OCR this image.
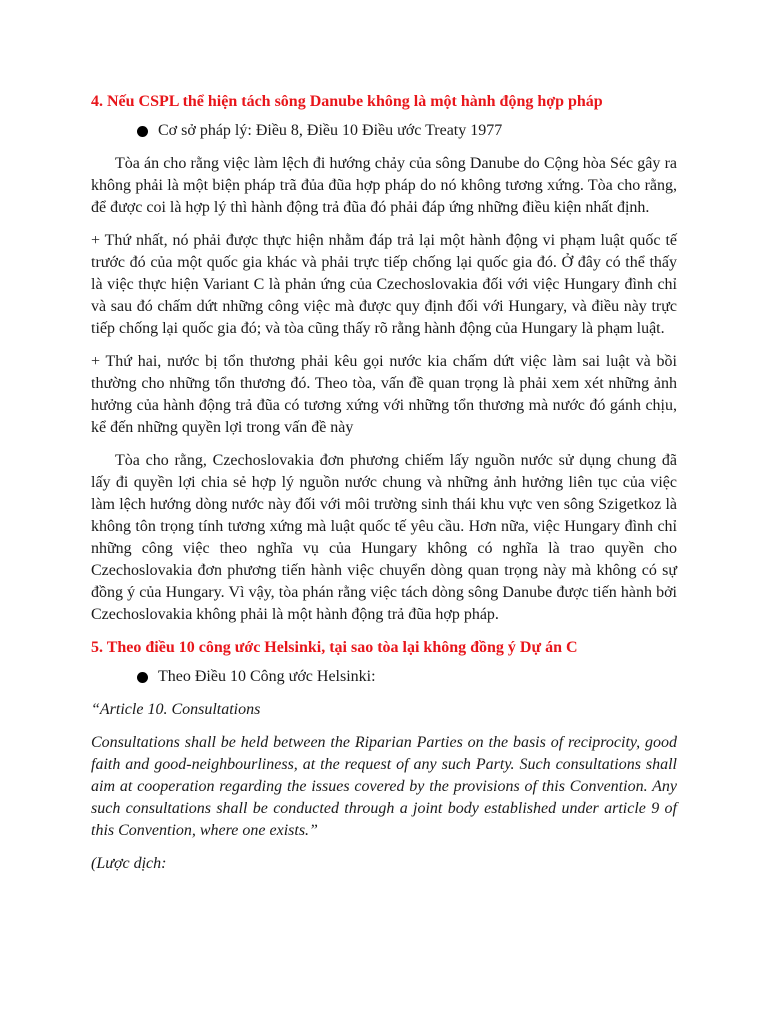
4. Nếu CSPL thể hiện tách sông Danube không là một hành động hợp pháp
Cơ sở pháp lý: Điều 8, Điều 10 Điều ước Treaty 1977

Tòa án cho rằng việc làm lệch đi hướng chảy của sông Danube do Cộng hòa Séc gây ra không phải là một biện pháp trã đủa đũa hợp pháp do nó không tương xứng. Tòa cho rằng, để được coi là hợp lý thì hành động trả đũa đó phải đáp ứng những điều kiện nhất định.

+ Thứ nhất, nó phải được thực hiện nhằm đáp trả lại một hành động vi phạm luật quốc tế trước đó của một quốc gia khác và phải trực tiếp chống lại quốc gia đó. Ở đây có thể thấy là việc thực hiện Variant C là phản ứng của Czechoslovakia đối với việc Hungary đình chỉ và sau đó chấm dứt những công việc mà được quy định đối với Hungary, và điều này trực tiếp chống lại quốc gia đó; và tòa cũng thấy rõ rằng hành động của Hungary là phạm luật.

+ Thứ hai, nước bị tổn thương phải kêu gọi nước kia chấm dứt việc làm sai luật và bồi thường cho những tổn thương đó. Theo tòa, vấn đề quan trọng là phải xem xét những ảnh hưởng của hành động trả đũa có tương xứng với những tổn thương mà nước đó gánh chịu, kể đến những quyền lợi trong vấn đề này

Tòa cho rằng, Czechoslovakia đơn phương chiếm lấy nguồn nước sử dụng chung đã lấy đi quyền lợi chia sẻ hợp lý nguồn nước chung và những ảnh hưởng liên tục của việc làm lệch hướng dòng nước này đối với môi trường sinh thái khu vực ven sông Szigetkoz là không tôn trọng tính tương xứng mà luật quốc tế yêu cầu. Hơn nữa, việc Hungary đình chỉ những công việc theo nghĩa vụ của Hungary không có nghĩa là trao quyền cho Czechoslovakia đơn phương tiến hành việc chuyển dòng quan trọng này mà không có sự đồng ý của Hungary. Vì vậy, tòa phán rằng việc tách dòng sông Danube được tiến hành bởi Czechoslovakia không phải là một hành động trả đũa hợp pháp.

5. Theo điều 10 công ước Helsinki, tại sao tòa lại không đồng ý Dự án C
Theo Điều 10 Công ước Helsinki:

“Article 10. Consultations

Consultations shall be held between the Riparian Parties on the basis of reciprocity, good faith and good-neighbourliness, at the request of any such Party. Such consultations shall aim at cooperation regarding the issues covered by the provisions of this Convention. Any such consultations shall be conducted through a joint body established under article 9 of this Convention, where one exists.”

(Lược dịch:
